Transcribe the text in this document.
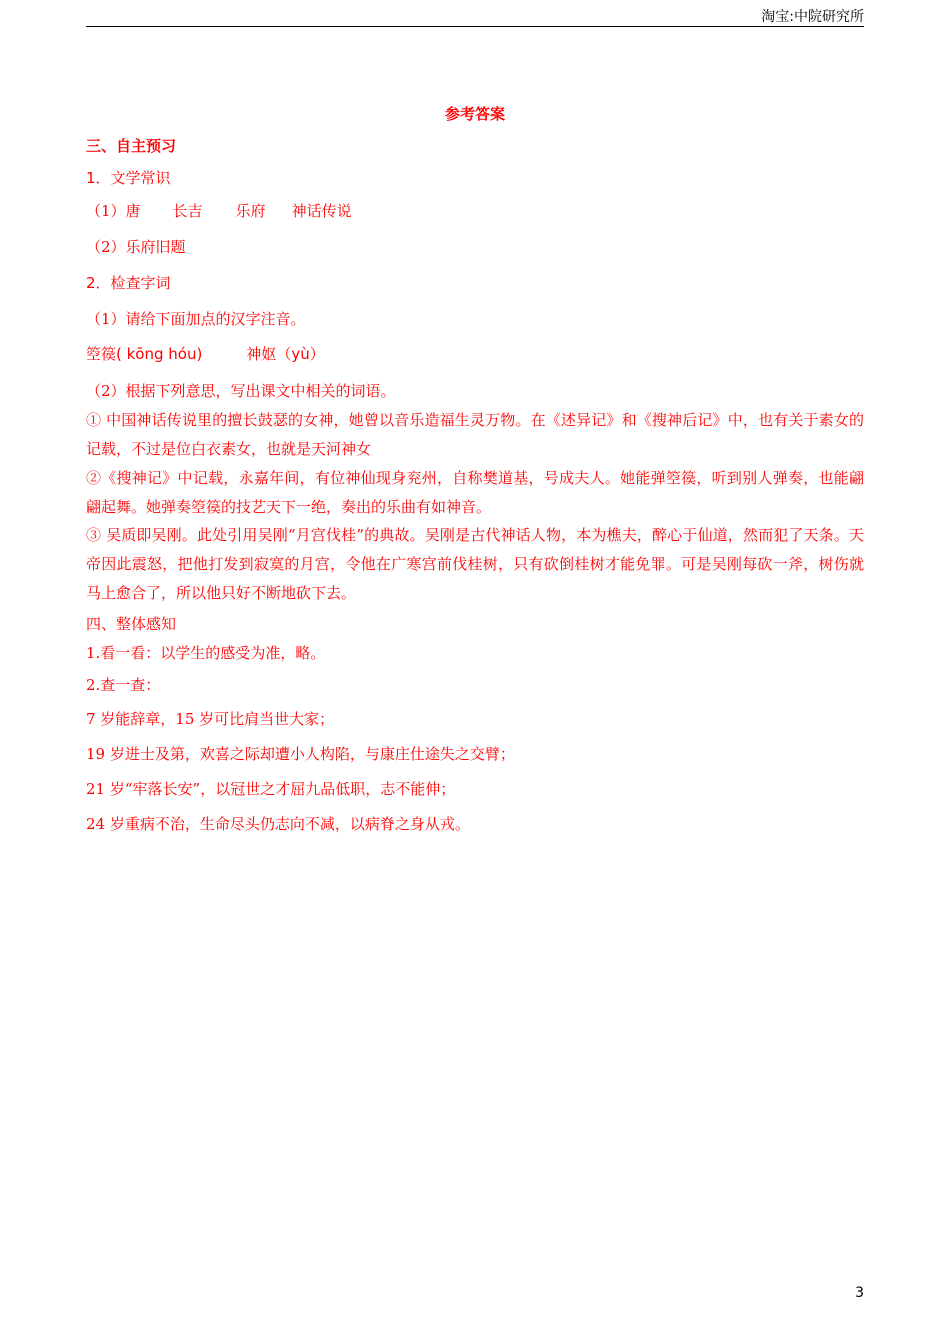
淘宝:中院研究所
参考答案
三、自主预习
1．文学常识
（1）唐 长吉 乐府 神话传说
（2）乐府旧题
2．检查字词
（1）请给下面加点的汉字注音。
箜篌( kōng hóu)	神妪（yù）
（2）根据下列意思，写出课文中相关的词语。
① 中国神话传说里的擅长鼓瑟的女神，她曾以音乐造福生灵万物。在《述异记》和《搜神后记》中，也有关于素女的记载，不过是位白衣素女，也就是天河神女
②《搜神记》中记载，永嘉年间，有位神仙现身兖州，自称樊道基，号成夫人。她能弹箜篌，听到别人弹奏，也能翩翩起舞。她弹奏箜篌的技艺天下一绝，奏出的乐曲有如神音。
③ 吴质即吴刚。此处引用吴刚“月宫伐桂”的典故。吴刚是古代神话人物，本为樵夫，醉心于仙道，然而犯了天条。天帝因此震怒，把他打发到寂寞的月宫，令他在广寒宫前伐桂树，只有砍倒桂树才能免罪。可是吴刚每砍一斧，树伤就马上愈合了，所以他只好不断地砍下去。
四、整体感知
1.看一看：以学生的感受为准，略。
2.查一查：
7 岁能辞章，15 岁可比肩当世大家；
19 岁进士及第，欢喜之际却遭小人构陷，与康庄仕途失之交臂；
21 岁“牢落长安”，以冠世之才屈九品低职，志不能伸；
24 岁重病不治，生命尽头仍志向不减，以病脊之身从戎。
3
